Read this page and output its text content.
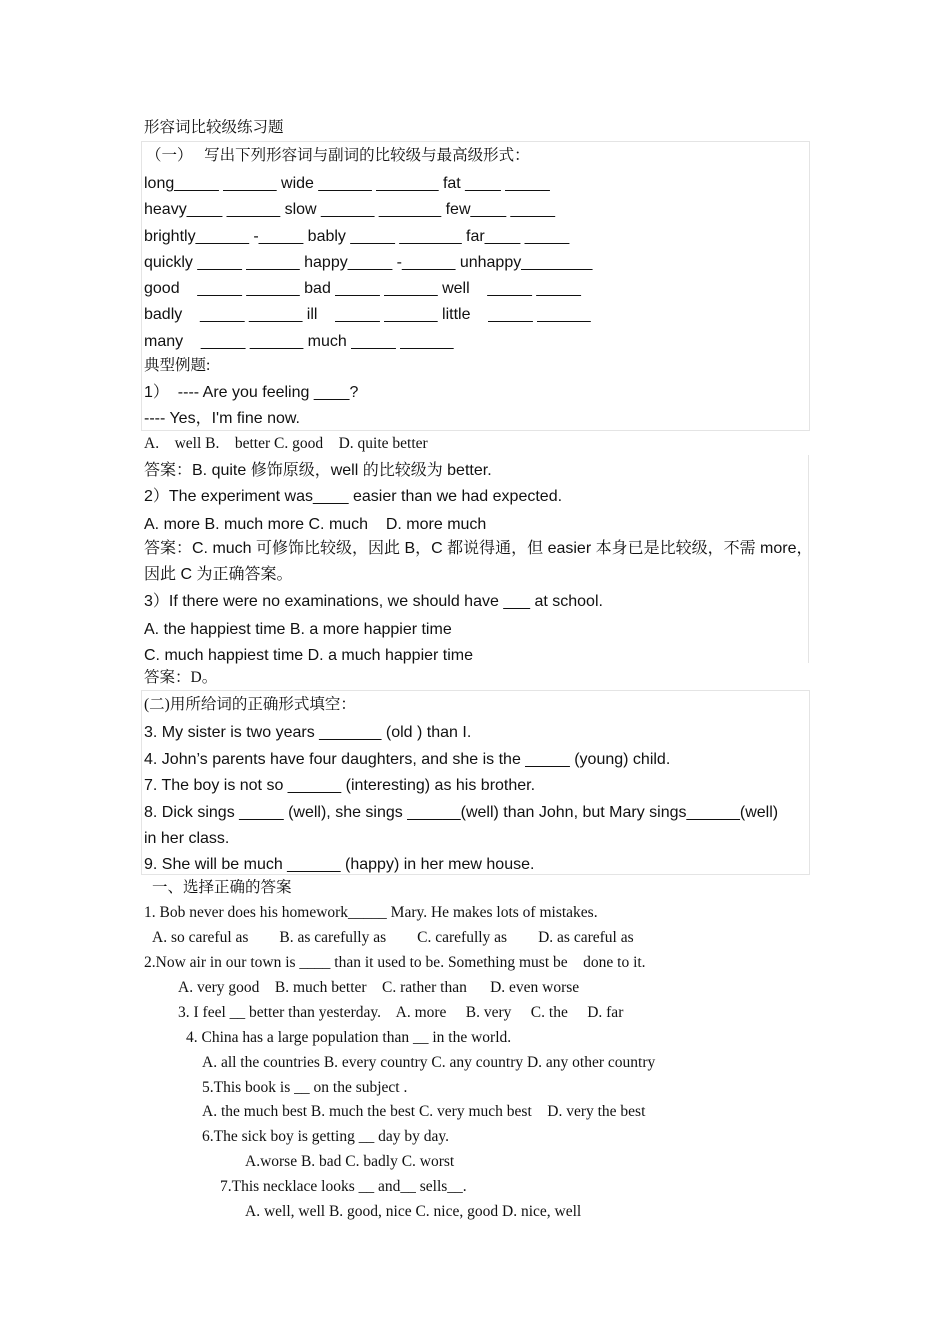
形容词比较级练习题
（一）   写出下列形容词与副词的比较级与最高级形式：
long_____ ______ wide ______ _______ fat ____ _____
heavy____ ______ slow ______ _______ few____ _____
brightly______ -_____ bably _____ _______ far____ _____
quickly _____ ______ happy_____ -______ unhappy________
good    _____ ______ bad _____ ______ well    _____ _____
badly    _____ ______ ill    _____ ______ little    _____ ______
many    _____ ______ much _____ ______
典型例题:
1）  ---- Are you feeling ____?
---- Yes，I'm fine now.
A.    well B.    better C. good    D. quite better
答案：B. quite 修饰原级，well 的比较级为 better.
2）The experiment was____ easier than we had expected.
A. more B. much more C. much    D. more much
答案：C. much 可修饰比较级，因此 B，C 都说得通，但 easier 本身已是比较级，不需 more，
因此 C 为正确答案。
3）If there were no examinations, we should have ___ at school.
A. the happiest time B. a more happier time
C. much happiest time D. a much happier time
答案：D。
(二)用所给词的正确形式填空：
3. My sister is two years _______ (old ) than I.
4. John’s parents have four daughters, and she is the _____ (young) child.
7. The boy is not so ______ (interesting) as his brother.
8. Dick sings _____ (well), she sings ______(well) than John, but Mary sings______(well)
in her class.
9. She will be much ______ (happy) in her mew house.
一、选择正确的答案
1. Bob never does his homework_____ Mary. He makes lots of mistakes.
A. so careful as        B. as carefully as        C. carefully as        D. as careful as
2.Now air in our town is ____ than it used to be. Something must be    done to it.
A. very good    B. much better    C. rather than      D. even worse
3. I feel __ better than yesterday.    A. more     B. very     C. the     D. far
4. China has a large population than __ in the world.
A. all the countries B. every country C. any country D. any other country
5.This book is __ on the subject .
A. the much best B. much the best C. very much best    D. very the best
6.The sick boy is getting __ day by day.
A.worse B. bad C. badly C. worst
7.This necklace looks __ and__ sells__.
A. well, well B. good, nice C. nice, good D. nice, well
